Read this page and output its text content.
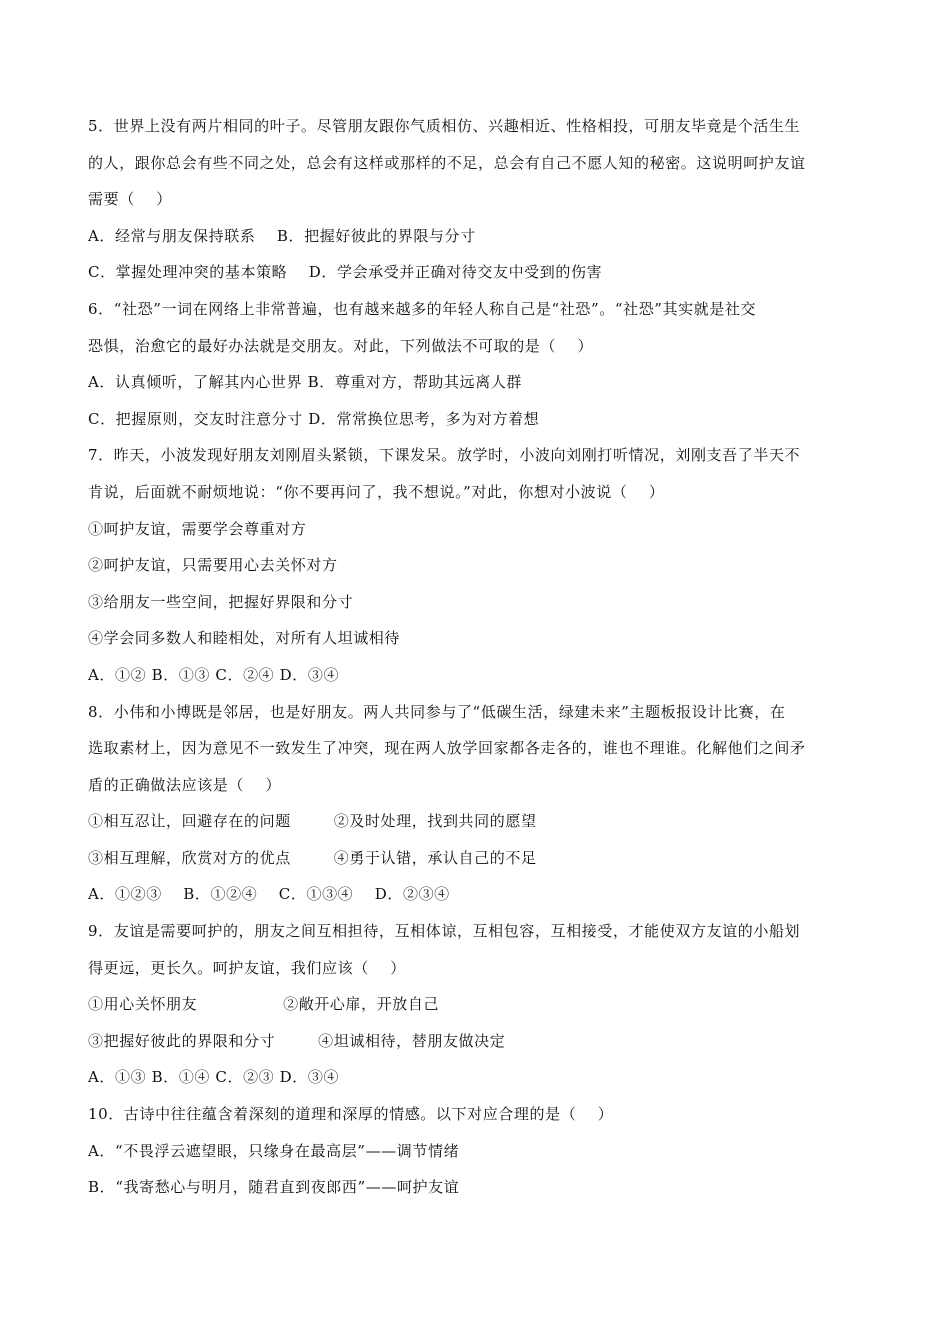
5．世界上没有两片相同的叶子。尽管朋友跟你气质相仿、兴趣相近、性格相投，可朋友毕竟是个活生生
的人，跟你总会有些不同之处，总会有这样或那样的不足，总会有自己不愿人知的秘密。这说明呵护友谊
需要（    ）
A．经常与朋友保持联系    B．把握好彼此的界限与分寸
C．掌握处理冲突的基本策略    D．学会承受并正确对待交友中受到的伤害
6．“社恐”一词在网络上非常普遍，也有越来越多的年轻人称自己是“社恐”。“社恐”其实就是社交
恐惧，治愈它的最好办法就是交朋友。对此，下列做法不可取的是（    ）
A．认真倾听，了解其内心世界 B．尊重对方，帮助其远离人群
C．把握原则，交友时注意分寸 D．常常换位思考，多为对方着想
7．昨天，小波发现好朋友刘刚眉头紧锁，下课发呆。放学时，小波向刘刚打听情况，刘刚支吾了半天不
肯说，后面就不耐烦地说：“你不要再问了，我不想说。”对此，你想对小波说（    ）
①呵护友谊，需要学会尊重对方
②呵护友谊，只需要用心去关怀对方
③给朋友一些空间，把握好界限和分寸
④学会同多数人和睦相处，对所有人坦诚相待
A．①② B．①③ C．②④ D．③④
8．小伟和小博既是邻居，也是好朋友。两人共同参与了“低碳生活，绿建未来”主题板报设计比赛，在
选取素材上，因为意见不一致发生了冲突，现在两人放学回家都各走各的，谁也不理谁。化解他们之间矛
盾的正确做法应该是（    ）
①相互忍让，回避存在的问题        ②及时处理，找到共同的愿望
③相互理解，欣赏对方的优点        ④勇于认错，承认自己的不足
A．①②③    B．①②④    C．①③④    D．②③④
9．友谊是需要呵护的，朋友之间互相担待，互相体谅，互相包容，互相接受，才能使双方友谊的小船划
得更远，更长久。呵护友谊，我们应该（    ）
①用心关怀朋友                ②敞开心扉，开放自己
③把握好彼此的界限和分寸        ④坦诚相待，替朋友做决定
A．①③ B．①④ C．②③ D．③④
10．古诗中往往蕴含着深刻的道理和深厚的情感。以下对应合理的是（    ）
A．“不畏浮云遮望眼，只缘身在最高层”——调节情绪
B．“我寄愁心与明月，随君直到夜郎西”——呵护友谊
